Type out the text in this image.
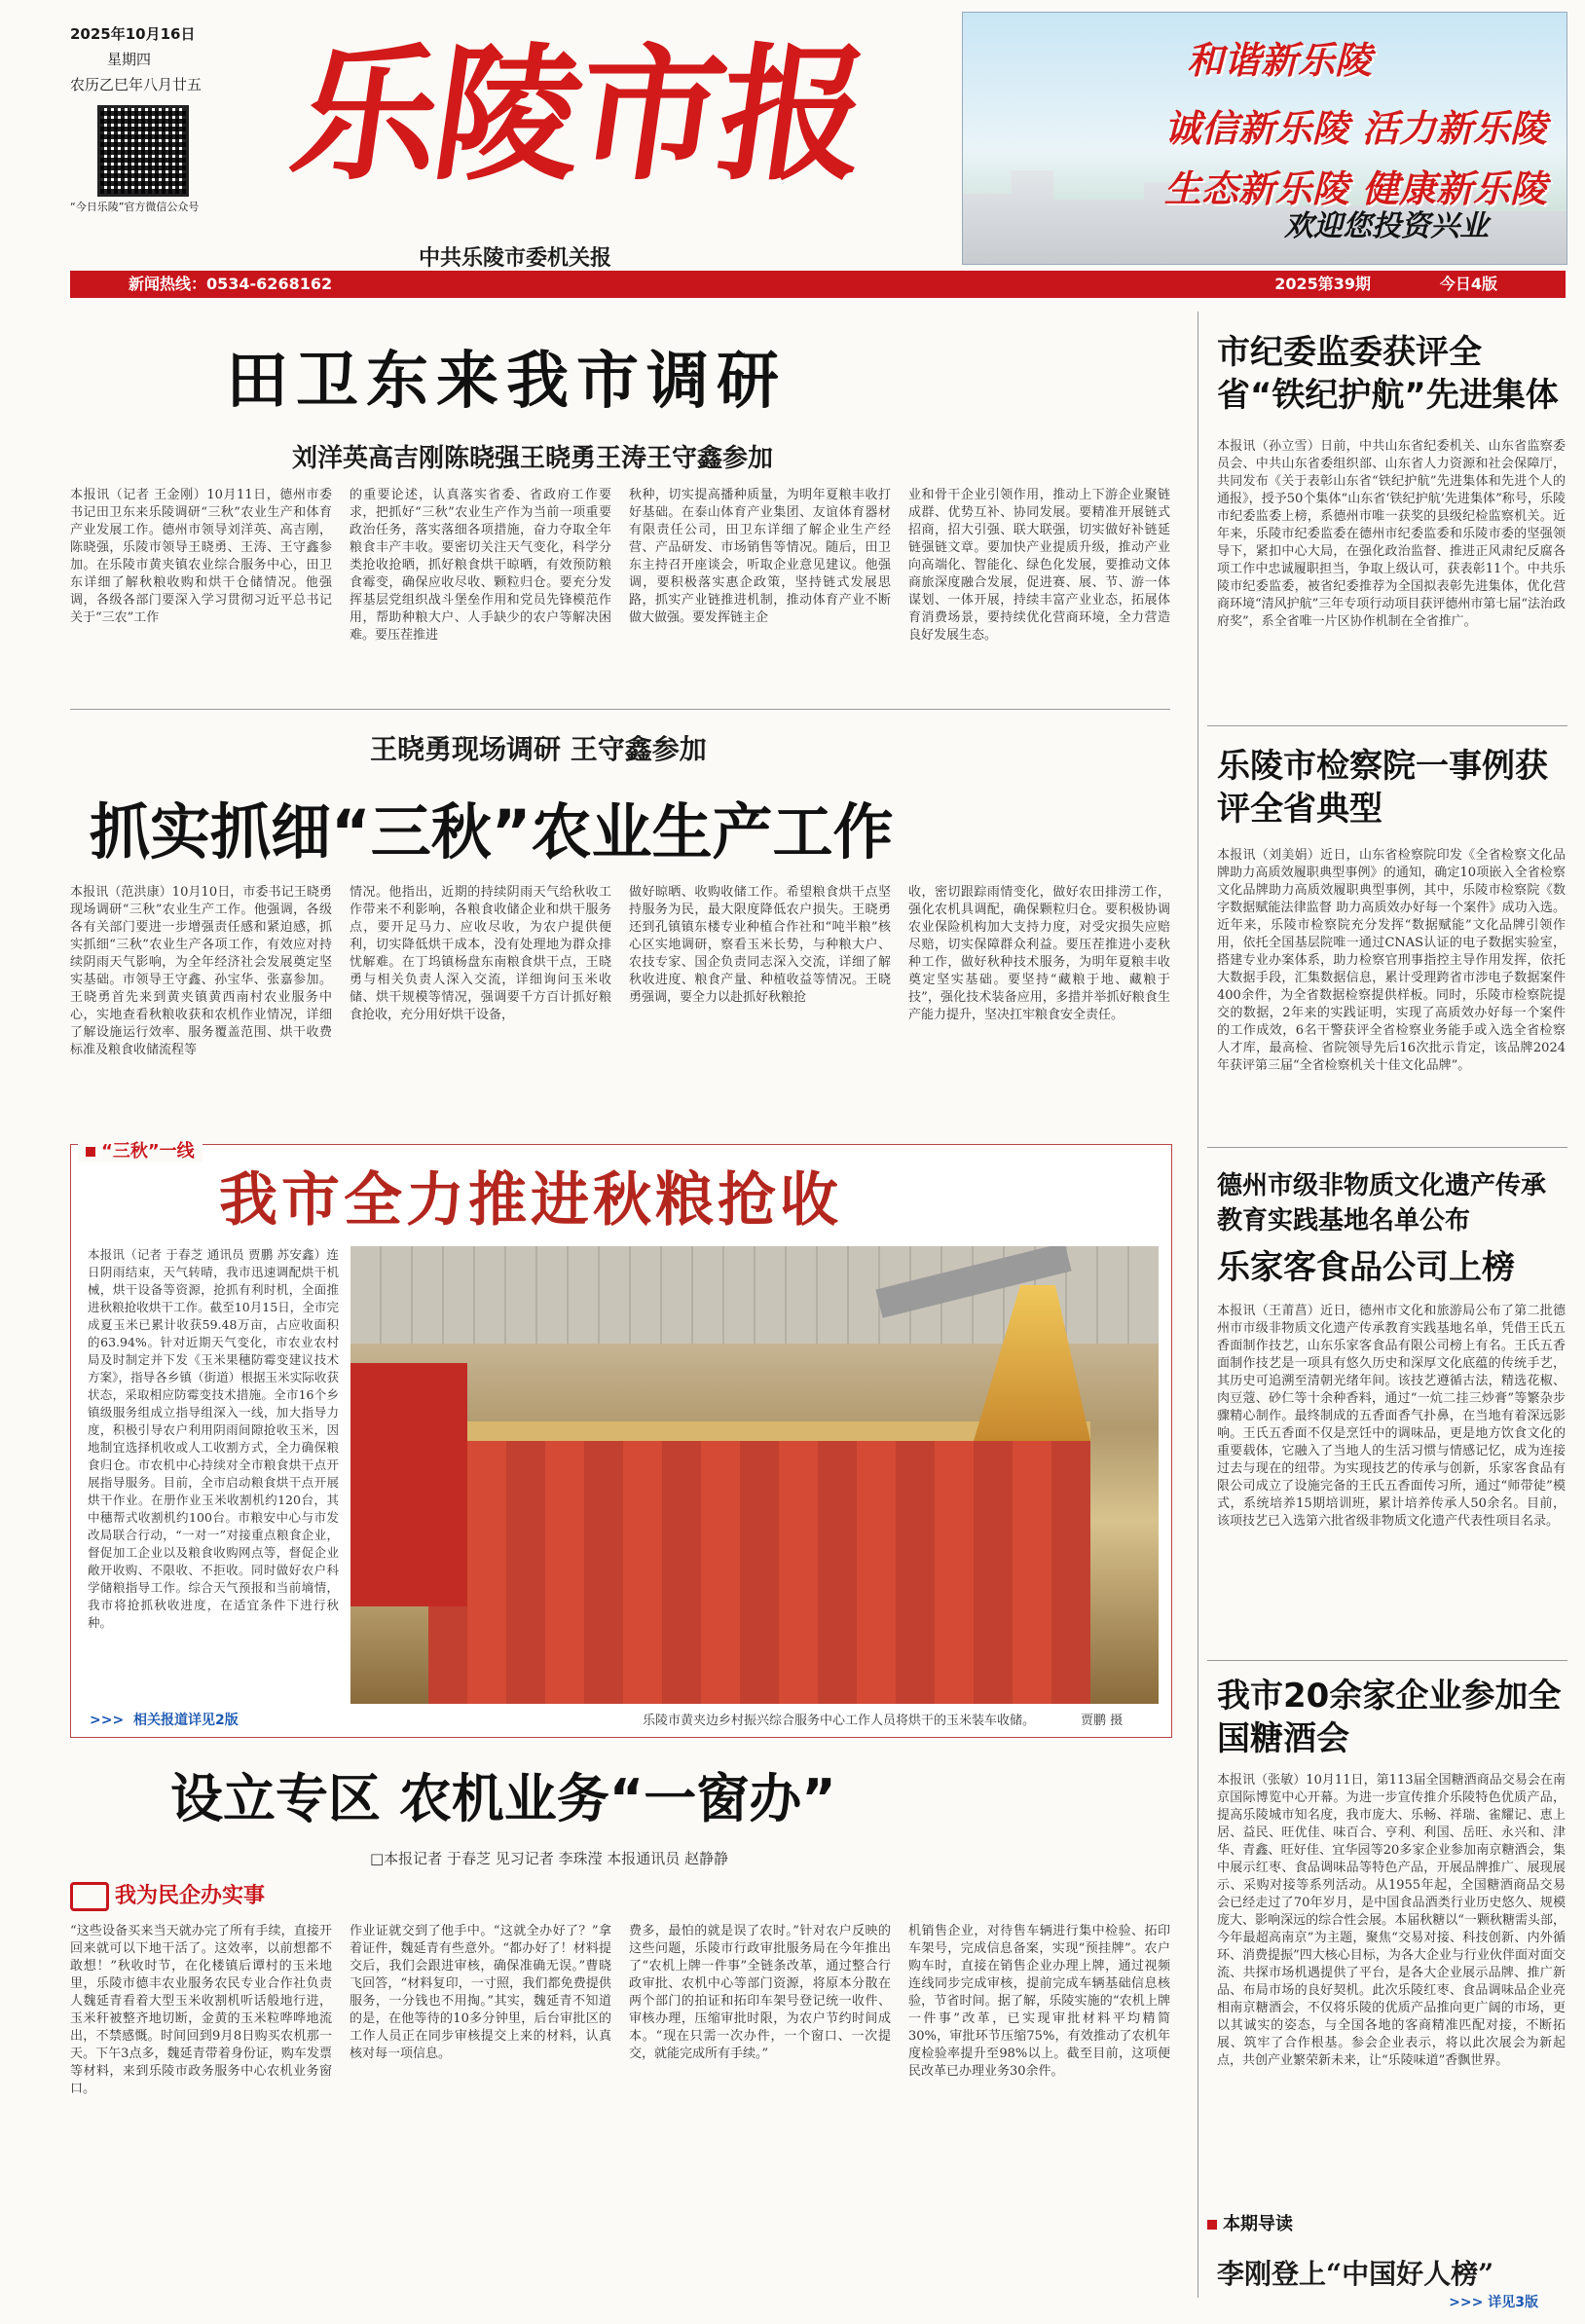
2025年10月16日
星期四
农历乙巳年八月廿五
“今日乐陵”官方微信公众号
乐陵市报
中共乐陵市委机关报
和谐新乐陵
诚信新乐陵 活力新乐陵
生态新乐陵 健康新乐陵
欢迎您投资兴业
新闻热线：0534-6268162	2025第39期	今日4版
田卫东来我市调研
刘洋英高吉刚陈晓强王晓勇王涛王守鑫参加
本报讯（记者 王金刚）10月11日，德州市委书记田卫东来乐陵调研“三秋”农业生产和体育产业发展工作。德州市领导刘洋英、高吉刚，陈晓强，乐陵市领导王晓勇、王涛、王守鑫参加。在乐陵市黄夹镇农业综合服务中心，田卫东详细了解秋粮收购和烘干仓储情况。他强调，各级各部门要深入学习贯彻习近平总书记关于“三农”工作
的重要论述，认真落实省委、省政府工作要求，把抓好“三秋”农业生产作为当前一项重要政治任务，落实落细各项措施，奋力夺取全年粮食丰产丰收。要密切关注天气变化，科学分类抢收抢晒，抓好粮食烘干晾晒，有效预防粮食霉变，确保应收尽收、颗粒归仓。要充分发挥基层党组织战斗堡垒作用和党员先锋模范作用，帮助种粮大户、人手缺少的农户等解决困难。要压茬推进
秋种，切实提高播种质量，为明年夏粮丰收打好基础。在泰山体育产业集团、友谊体育器材有限责任公司，田卫东详细了解企业生产经营、产品研发、市场销售等情况。随后，田卫东主持召开座谈会，听取企业意见建议。他强调，要积极落实惠企政策，坚持链式发展思路，抓实产业链推进机制，推动体育产业不断做大做强。要发挥链主企
业和骨干企业引领作用，推动上下游企业聚链成群、优势互补、协同发展。要精准开展链式招商，招大引强、联大联强，切实做好补链延链强链文章。要加快产业提质升级，推动产业向高端化、智能化、绿色化发展，要推动文体商旅深度融合发展，促进赛、展、节、游一体谋划、一体开展，持续丰富产业业态，拓展体育消费场景，要持续优化营商环境，全力营造良好发展生态。
王晓勇现场调研 王守鑫参加
抓实抓细“三秋”农业生产工作
本报讯（范洪康）10月10日，市委书记王晓勇现场调研“三秋”农业生产工作。他强调，各级各有关部门要进一步增强责任感和紧迫感，抓实抓细“三秋”农业生产各项工作，有效应对持续阴雨天气影响，为全年经济社会发展奠定坚实基础。市领导王守鑫、孙宝华、张嘉参加。王晓勇首先来到黄夹镇黄西南村农业服务中心，实地查看秋粮收获和农机作业情况，详细了解设施运行效率、服务覆盖范围、烘干收费标准及粮食收储流程等
情况。他指出，近期的持续阴雨天气给秋收工作带来不利影响，各粮食收储企业和烘干服务点，要开足马力、应收尽收，为农户提供便利，切实降低烘干成本，没有处理地为群众排忧解难。在丁坞镇杨盘东南粮食烘干点，王晓勇与相关负责人深入交流，详细询问玉米收储、烘干规模等情况，强调要千方百计抓好粮食抢收，充分用好烘干设备，
做好晾晒、收购收储工作。希望粮食烘干点坚持服务为民，最大限度降低农户损失。王晓勇还到孔镇镇东楼专业种植合作社和“吨半粮”核心区实地调研，察看玉米长势，与种粮大户、农技专家、国企负责同志深入交流，详细了解秋收进度、粮食产量、种植收益等情况。王晓勇强调，要全力以赴抓好秋粮抢
收，密切跟踪雨情变化，做好农田排涝工作，强化农机具调配，确保颗粒归仓。要积极协调农业保险机构加大支持力度，对受灾损失应赔尽赔，切实保障群众利益。要压茬推进小麦秋种工作，做好秋种技术服务，为明年夏粮丰收奠定坚实基础。要坚持“藏粮于地、藏粮于技”，强化技术装备应用，多措并举抓好粮食生产能力提升，坚决扛牢粮食安全责任。
“三秋”一线
我市全力推进秋粮抢收
本报讯（记者 于春芝 通讯员 贾鹏 苏安鑫）连日阴雨结束，天气转晴，我市迅速调配烘干机械，烘干设备等资源，抢抓有利时机，全面推进秋粮抢收烘干工作。截至10月15日，全市完成夏玉米已累计收获59.48万亩，占应收面积的63.94%。针对近期天气变化，市农业农村局及时制定并下发《玉米果穗防霉变建议技术方案》，指导各乡镇（街道）根据玉米实际收获状态，采取相应防霉变技术措施。全市16个乡镇级服务组成立指导组深入一线，加大指导力度，积极引导农户利用阴雨间隙抢收玉米，因地制宜选择机收或人工收割方式，全力确保粮食归仓。市农机中心持续对全市粮食烘干点开展指导服务。目前，全市启动粮食烘干点开展烘干作业。在册作业玉米收割机约120台，其中穗帮式收割机约100台。市粮安中心与市发改局联合行动，“一对一”对接重点粮食企业，督促加工企业以及粮食收购网点等，督促企业敞开收购、不限收、不拒收。同时做好农户科学储粮指导工作。综合天气预报和当前墒情，我市将抢抓秋收进度，在适宜条件下进行秋种。
乐陵市黄夹边乡村振兴综合服务中心工作人员将烘干的玉米装车收储。	贾鹏 摄
>>>  相关报道详见2版
设立专区 农机业务“一窗办”
□本报记者 于春芝 见习记者 李珠滢 本报通讯员 赵静静
我为民企办实事
“这些设备买来当天就办完了所有手续，直接开回来就可以下地干活了。这效率，以前想都不敢想！”秋收时节，在化楼镇后谭村的玉米地里，乐陵市德丰农业服务农民专业合作社负责人魏延青看着大型玉米收割机听话般地行进，玉米秆被整齐地切断，金黄的玉米粒哗哗地流出，不禁感慨。时间回到9月8日购买农机那一天。下午3点多，魏延青带着身份证，购车发票等材料，来到乐陵市政务服务中心农机业务窗口。
作业证就交到了他手中。“这就全办好了？”拿着证件，魏延青有些意外。“都办好了！材料提交后，我们会跟进审核，确保准确无误。”曹晓飞回答，“材料复印，一寸照，我们都免费提供服务，一分钱也不用掏。”其实，魏延青不知道的是，在他等待的10多分钟里，后台审批区的工作人员正在同步审核提交上来的材料，认真核对每一项信息。
费多，最怕的就是误了农时。”针对农户反映的这些问题，乐陵市行政审批服务局在今年推出了“农机上牌一件事”全链条改革，通过整合行政审批、农机中心等部门资源，将原本分散在两个部门的拍证和拓印车架号登记统一收件、审核办理，压缩审批时限，为农户节约时间成本。“现在只需一次办件，一个窗口、一次提交，就能完成所有手续。”
机销售企业，对待售车辆进行集中检验、拓印车架号，完成信息备案，实现“预挂牌”。农户购车时，直接在销售企业办理上牌，通过视频连线同步完成审核，提前完成车辆基础信息核验，节省时间。据了解，乐陵实施的“农机上牌一件事”改革，已实现审批材料平均精简30%，审批环节压缩75%，有效推动了农机年度检验率提升至98%以上。截至目前，这项便民改革已办理业务30余件。
市纪委监委获评全省“铁纪护航”先进集体
本报讯（孙立雪）日前，中共山东省纪委机关、山东省监察委员会、中共山东省委组织部、山东省人力资源和社会保障厅，共同发布《关于表彰山东省“铁纪护航”先进集体和先进个人的通报》，授予50个集体“山东省‘铁纪护航’先进集体”称号，乐陵市纪委监委上榜，系德州市唯一获奖的县级纪检监察机关。近年来，乐陵市纪委监委在德州市纪委监委和乐陵市委的坚强领导下，紧扣中心大局，在强化政治监督、推进正风肃纪反腐各项工作中忠诚履职担当，争取上级认可，获表彰11个。中共乐陵市纪委监委，被省纪委推荐为全国拟表彰先进集体，优化营商环境“清风护航”三年专项行动项目获评德州市第七届“法治政府奖”，系全省唯一片区协作机制在全省推广。
乐陵市检察院一事例获评全省典型
本报讯（刘美娟）近日，山东省检察院印发《全省检察文化品牌助力高质效履职典型事例》的通知，确定10项嵌入全省检察文化品牌助力高质效履职典型事例，其中，乐陵市检察院《数字数据赋能法律监督 助力高质效办好每一个案件》成功入选。近年来，乐陵市检察院充分发挥“数据赋能”文化品牌引领作用，依托全国基层院唯一通过CNAS认证的电子数据实验室，搭建专业办案体系，助力检察官刑事指控主导作用发挥，依托大数据手段，汇集数据信息，累计受理跨省市涉电子数据案件400余件，为全省数据检察提供样板。同时，乐陵市检察院提交的数据，2年来的实践证明，实现了高质效办好每一个案件的工作成效，6名干警获评全省检察业务能手或入选全省检察人才库，最高检、省院领导先后16次批示肯定，该品牌2024年获评第三届“全省检察机关十佳文化品牌”。
德州市级非物质文化遗产传承教育实践基地名单公布
乐家客食品公司上榜
本报讯（王莆菖）近日，德州市文化和旅游局公布了第二批德州市市级非物质文化遗产传承教育实践基地名单，凭借王氏五香面制作技艺，山东乐家客食品有限公司榜上有名。王氏五香面制作技艺是一项具有悠久历史和深厚文化底蕴的传统手艺，其历史可追溯至清朝光绪年间。该技艺遵循古法，精选花椒、肉豆蔻、砂仁等十余种香料，通过“一炕二挂三炒膏”等繁杂步骤精心制作。最终制成的五香面香气扑鼻，在当地有着深远影响。王氏五香面不仅是烹饪中的调味品，更是地方饮食文化的重要载体，它融入了当地人的生活习惯与情感记忆，成为连接过去与现在的纽带。为实现技艺的传承与创新，乐家客食品有限公司成立了设施完备的王氏五香面传习所，通过“师带徒”模式，系统培养15期培训班，累计培养传承人50余名。目前，该项技艺已入选第六批省级非物质文化遗产代表性项目名录。
我市20余家企业参加全国糖酒会
本报讯（张敏）10月11日，第113届全国糖酒商品交易会在南京国际博览中心开幕。为进一步宣传推介乐陵特色优质产品，提高乐陵城市知名度，我市庞大、乐畅、祥瑞、雀耀记、恵上居、益民、旺优佳、味百合、亨利、利国、岳旺、永兴和、津华、青鑫、旺好佳、宜华园等20多家企业参加南京糖酒会，集中展示红枣、食品调味品等特色产品，开展品牌推广、展现展示、采购对接等系列活动。从1955年起，全国糖酒商品交易会已经走过了70年岁月，是中国食品酒类行业历史悠久、规模庞大、影响深远的综合性会展。本届秋糖以“一颗秋糖需头部，今年最超高南京”为主题，聚焦“交易对接、科技创新、内外循环、消费提振”四大核心目标，为各大企业与行业伙伴面对面交流、共探市场机遇提供了平台，是各大企业展示品牌、推广新品、布局市场的良好契机。此次乐陵红枣、食品调味品企业亮相南京糖酒会，不仅将乐陵的优质产品推向更广阔的市场，更以其诚实的姿态，与全国各地的客商精准匹配对接，不断拓展、筑牢了合作根基。参会企业表示，将以此次展会为新起点，共创产业繁荣新未来，让“乐陵味道”香飘世界。
本期导读
李刚登上“中国好人榜”
>>> 详见3版
